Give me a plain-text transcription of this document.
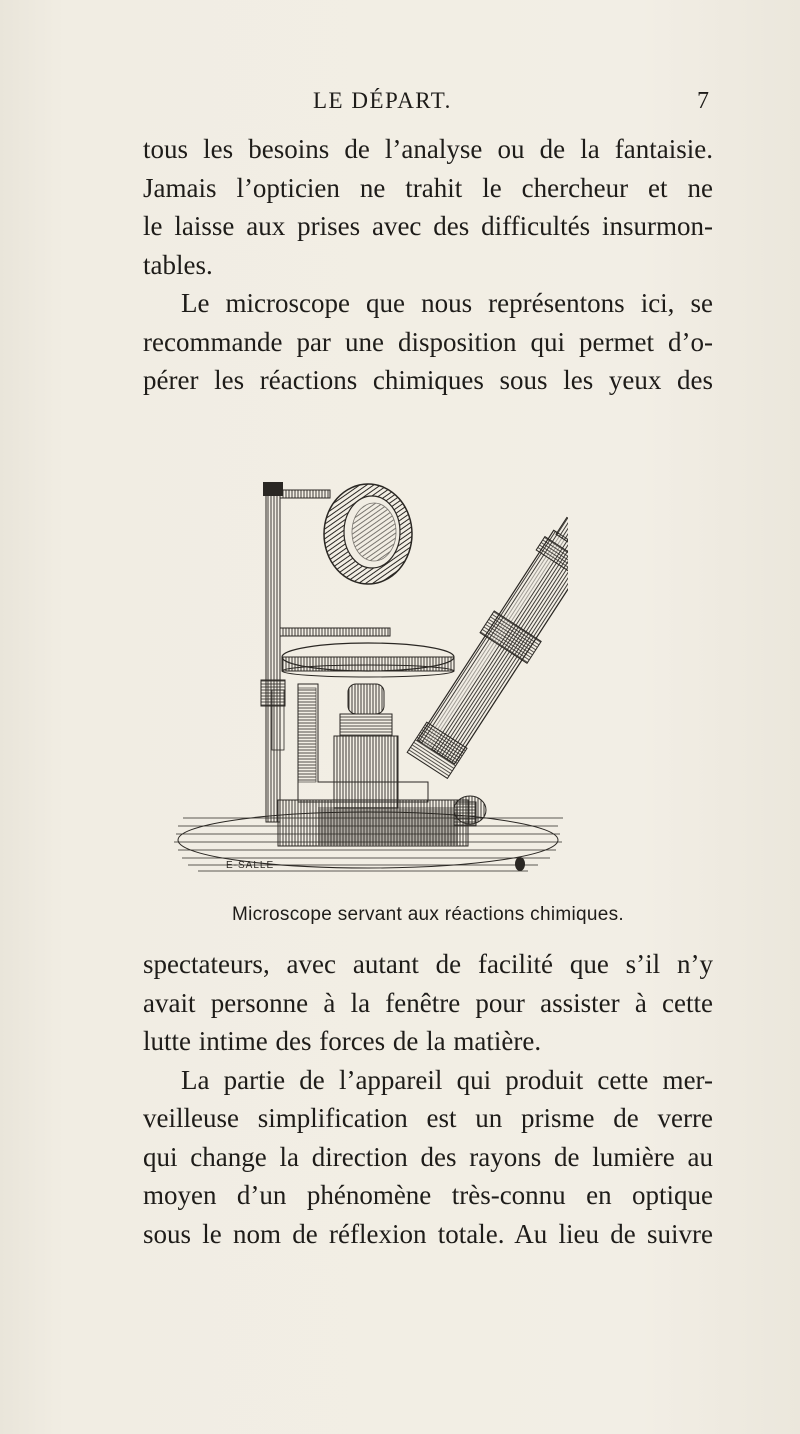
LE DÉPART.	7
tous les besoins de l’analyse ou de la fantaisie.
Jamais l’opticien ne trahit le chercheur et ne
le laisse aux prises avec des difficultés insurmon-
tables.
Le microscope que nous représentons ici, se
recommande par une disposition qui permet d’o-
pérer les réactions chimiques sous les yeux des
E-SALLE
Microscope servant aux réactions chimiques.
spectateurs, avec autant de facilité que s’il n’y
avait personne à la fenêtre pour assister à cette
lutte intime des forces de la matière.
La partie de l’appareil qui produit cette mer-
veilleuse simplification est un prisme de verre
qui change la direction des rayons de lumière au
moyen d’un phénomène très-connu en optique
sous le nom de réflexion totale. Au lieu de suivre
